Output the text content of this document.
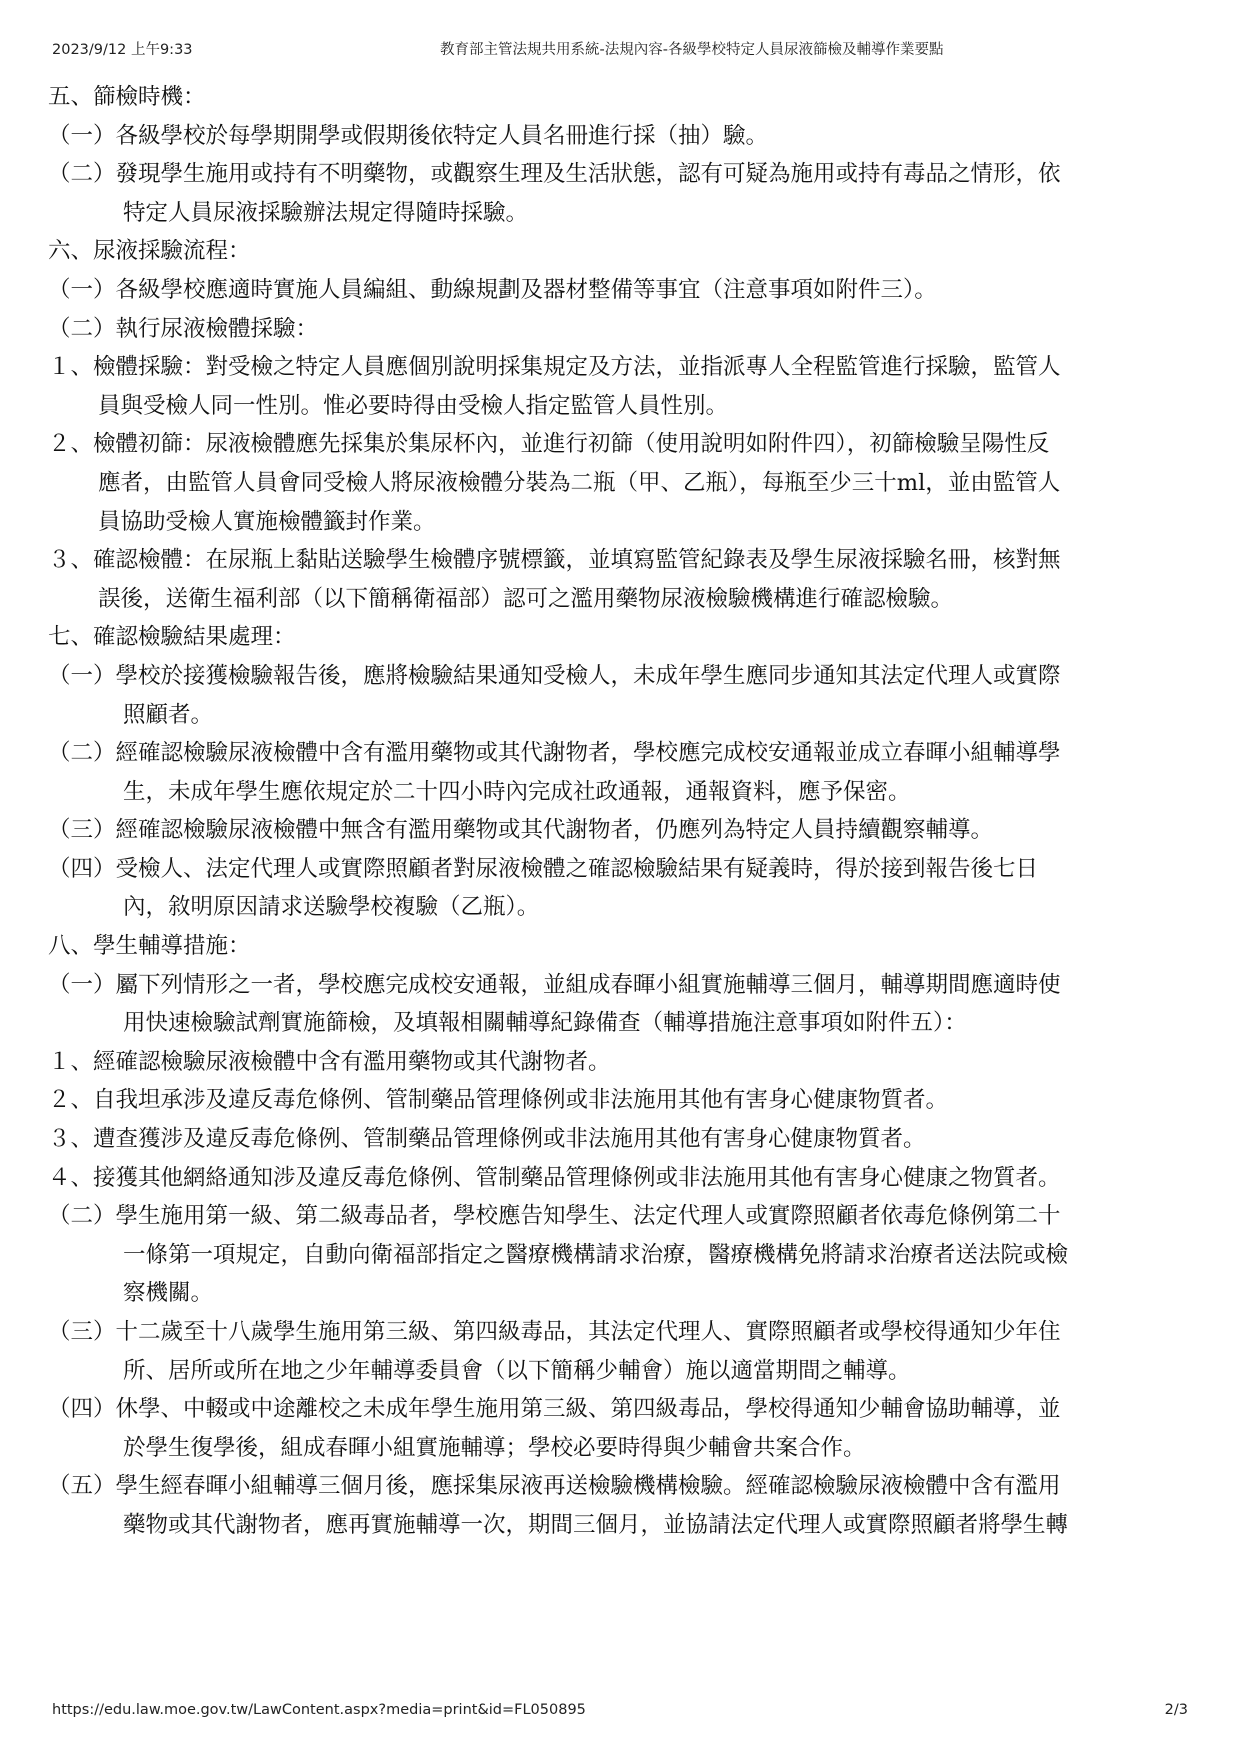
2023/9/12 上午9:33	教育部主管法規共用系統-法規內容-各級學校特定人員尿液篩檢及輔導作業要點
五、篩檢時機：
（一）各級學校於每學期開學或假期後依特定人員名冊進行採（抽）驗。
（二）發現學生施用或持有不明藥物，或觀察生理及生活狀態，認有可疑為施用或持有毒品之情形，依
特定人員尿液採驗辦法規定得隨時採驗。
六、尿液採驗流程：
（一）各級學校應適時實施人員編組、動線規劃及器材整備等事宜（注意事項如附件三）。
（二）執行尿液檢體採驗：
１、檢體採驗：對受檢之特定人員應個別說明採集規定及方法，並指派專人全程監管進行採驗，監管人
員與受檢人同一性別。惟必要時得由受檢人指定監管人員性別。
２、檢體初篩：尿液檢體應先採集於集尿杯內，並進行初篩（使用說明如附件四），初篩檢驗呈陽性反
應者，由監管人員會同受檢人將尿液檢體分裝為二瓶（甲、乙瓶），每瓶至少三十ml，並由監管人
員協助受檢人實施檢體籤封作業。
３、確認檢體：在尿瓶上黏貼送驗學生檢體序號標籤，並填寫監管紀錄表及學生尿液採驗名冊，核對無
誤後，送衛生福利部（以下簡稱衛福部）認可之濫用藥物尿液檢驗機構進行確認檢驗。
七、確認檢驗結果處理：
（一）學校於接獲檢驗報告後，應將檢驗結果通知受檢人，未成年學生應同步通知其法定代理人或實際
照顧者。
（二）經確認檢驗尿液檢體中含有濫用藥物或其代謝物者，學校應完成校安通報並成立春暉小組輔導學
生，未成年學生應依規定於二十四小時內完成社政通報，通報資料，應予保密。
（三）經確認檢驗尿液檢體中無含有濫用藥物或其代謝物者，仍應列為特定人員持續觀察輔導。
（四）受檢人、法定代理人或實際照顧者對尿液檢體之確認檢驗結果有疑義時，得於接到報告後七日
內，敘明原因請求送驗學校複驗（乙瓶）。
八、學生輔導措施：
（一）屬下列情形之一者，學校應完成校安通報，並組成春暉小組實施輔導三個月，輔導期間應適時使
用快速檢驗試劑實施篩檢，及填報相關輔導紀錄備查（輔導措施注意事項如附件五）：
１、經確認檢驗尿液檢體中含有濫用藥物或其代謝物者。
２、自我坦承涉及違反毒危條例、管制藥品管理條例或非法施用其他有害身心健康物質者。
３、遭查獲涉及違反毒危條例、管制藥品管理條例或非法施用其他有害身心健康物質者。
４、接獲其他網絡通知涉及違反毒危條例、管制藥品管理條例或非法施用其他有害身心健康之物質者。
（二）學生施用第一級、第二級毒品者，學校應告知學生、法定代理人或實際照顧者依毒危條例第二十
一條第一項規定，自動向衛福部指定之醫療機構請求治療，醫療機構免將請求治療者送法院或檢
察機關。
（三）十二歲至十八歲學生施用第三級、第四級毒品，其法定代理人、實際照顧者或學校得通知少年住
所、居所或所在地之少年輔導委員會（以下簡稱少輔會）施以適當期間之輔導。
（四）休學、中輟或中途離校之未成年學生施用第三級、第四級毒品，學校得通知少輔會協助輔導，並
於學生復學後，組成春暉小組實施輔導；學校必要時得與少輔會共案合作。
（五）學生經春暉小組輔導三個月後，應採集尿液再送檢驗機構檢驗。經確認檢驗尿液檢體中含有濫用
藥物或其代謝物者，應再實施輔導一次，期間三個月，並協請法定代理人或實際照顧者將學生轉
https://edu.law.moe.gov.tw/LawContent.aspx?media=print&id=FL050895	2/3
